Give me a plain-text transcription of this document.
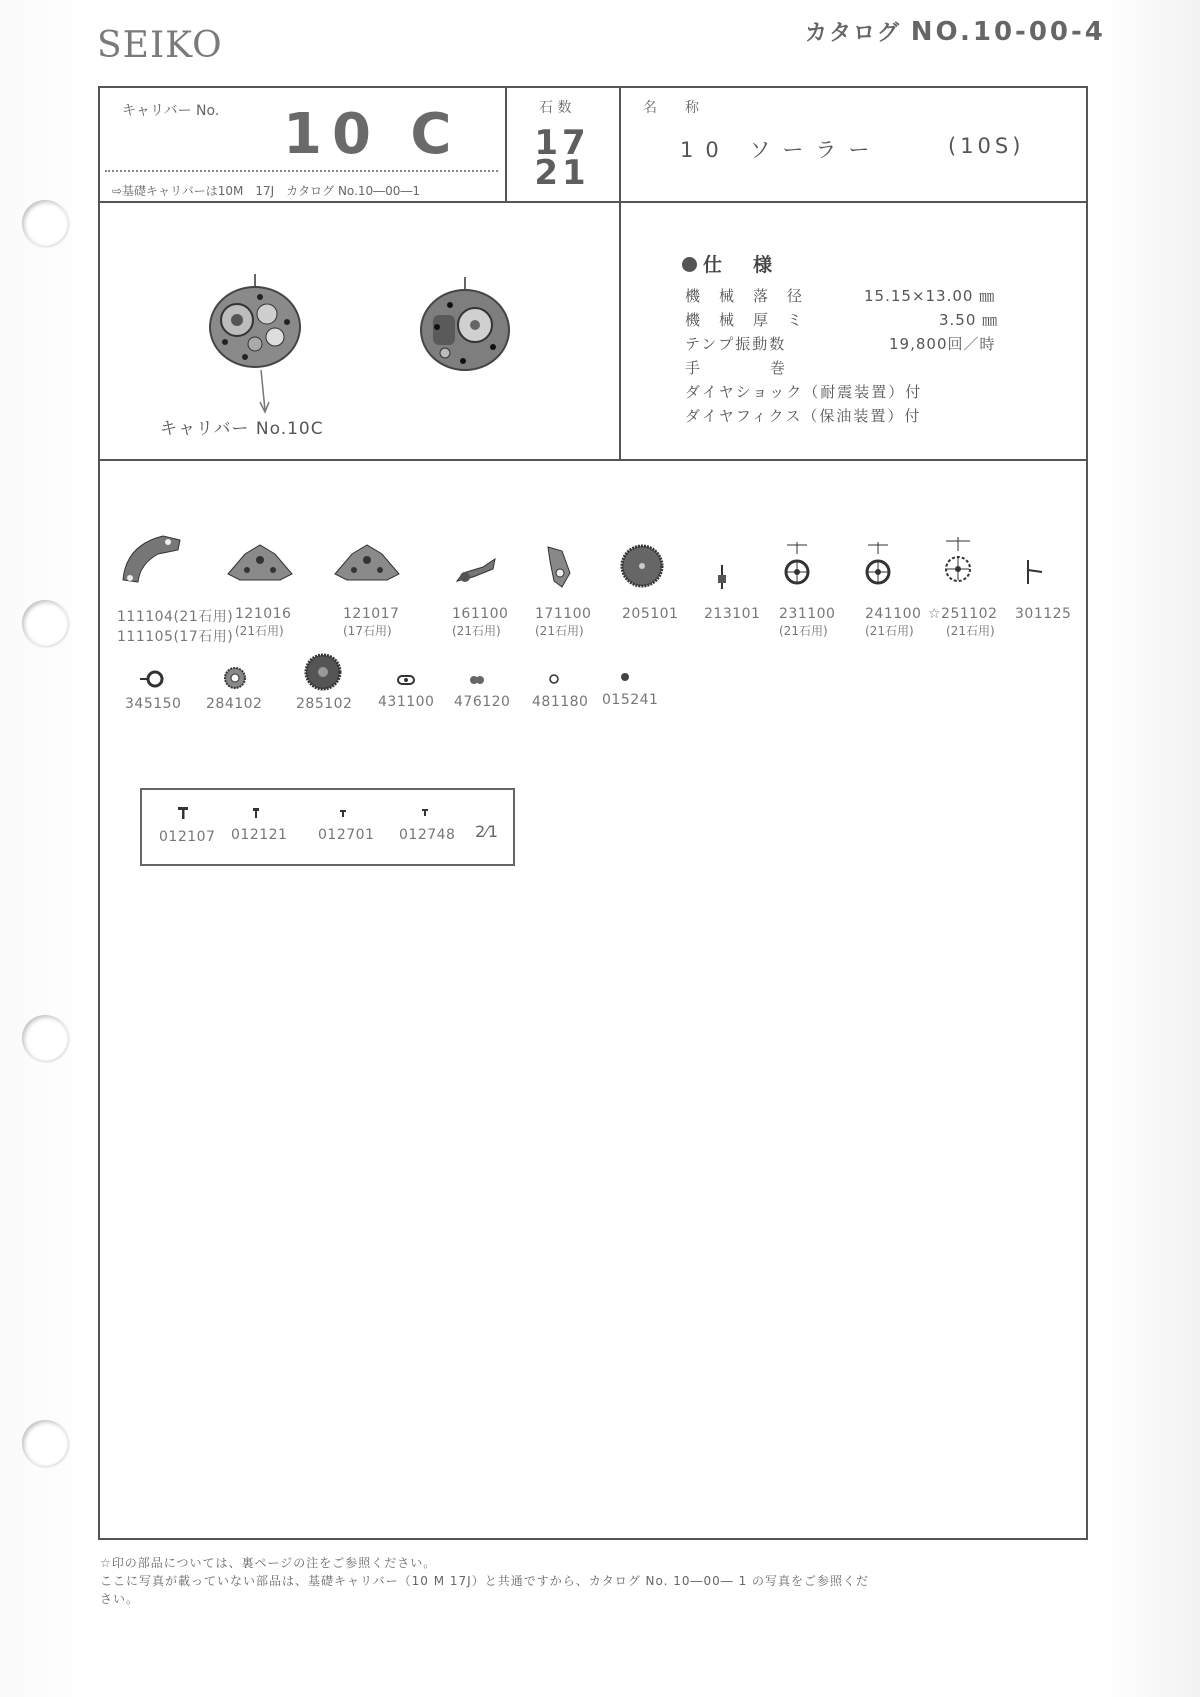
SEIKO	カタログ NO.10-00-4
キャリバー No. 10 C
⇨基礎キャリバーは10M　17J　カタログ No.10―00―1
石 数
17
21
名　　称
10 ソーラー	(10S)
キャリバー No.10C
仕　様
機　械　落　径	15.15×13.00 ㎜
機　械　厚　ミ	3.50 ㎜
テンプ振動数	19,800回／時
手　　　　巻
ダイヤショック（耐震装置）付
ダイヤフィクス（保油装置）付
111104(21石用)
111105(17石用)
121016
(21石用)
121017
(17石用)
161100
(21石用)
171100
(21石用)
205101 213101 231100
(21石用)
241100
(21石用)
☆251102
(21石用)
301125
345150 284102 285102 431100 476120 481180 015241
012107 012121 012701 012748 2⁄1
☆印の部品については、裏ページの注をご参照ください。
ここに写真が載っていない部品は、基礎キャリバー（10 M 17J）と共通ですから、カタログ No. 10―00― 1 の写真をご参照くだ
さい。
